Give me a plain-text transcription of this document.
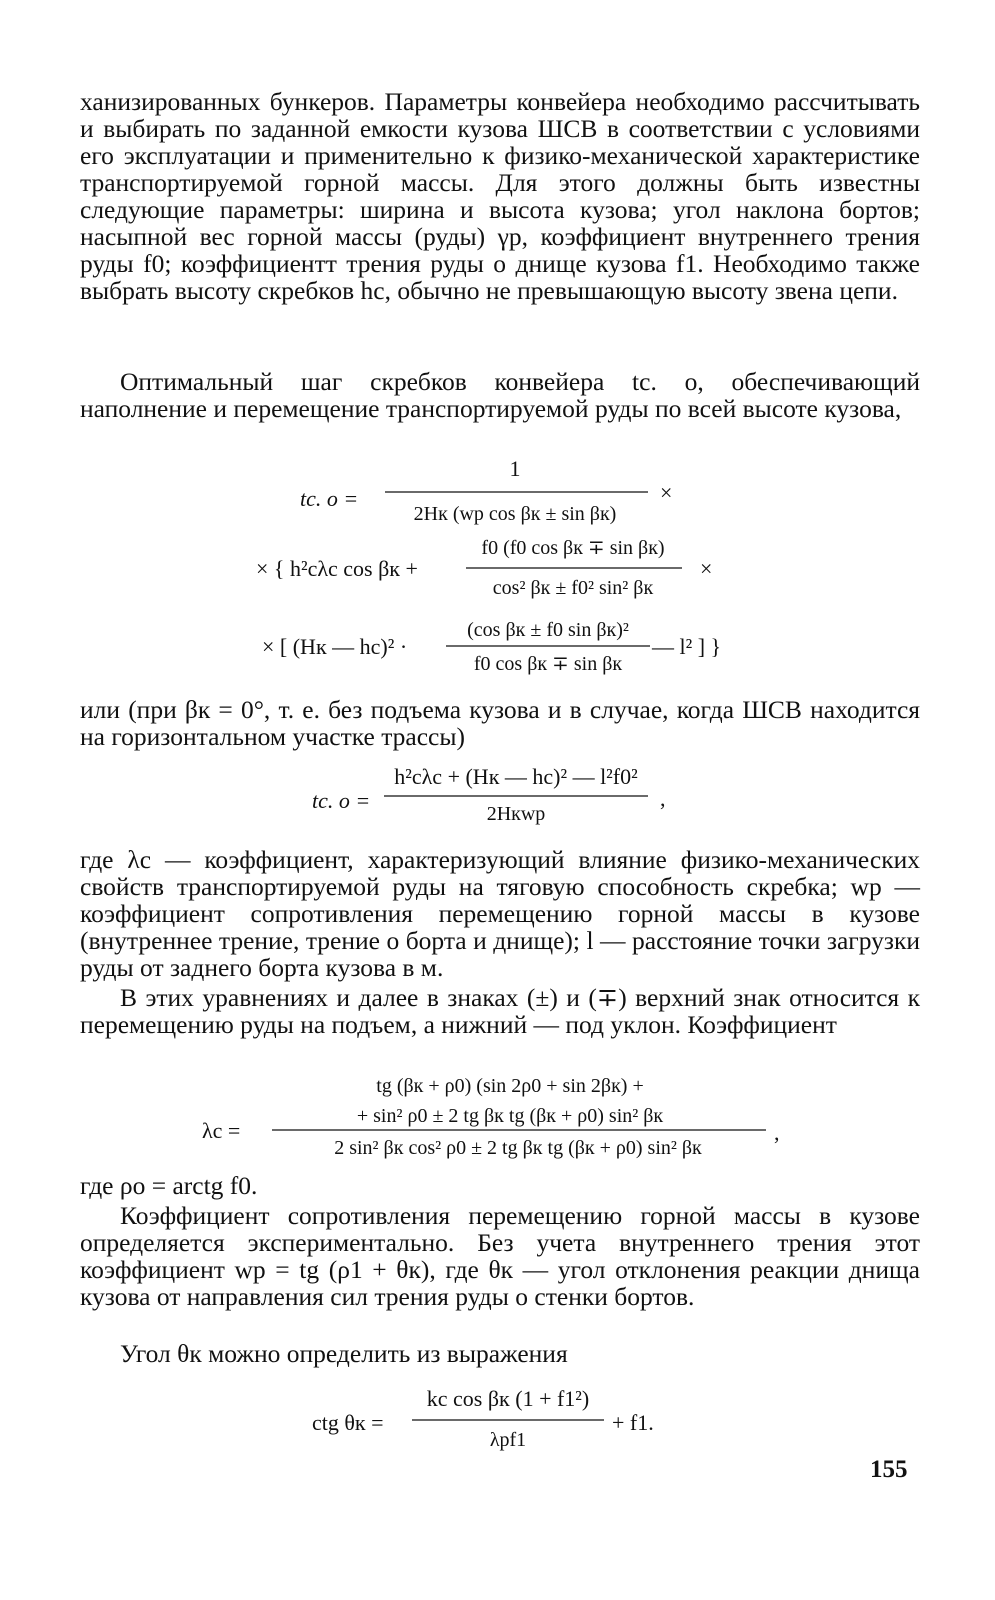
ханизированных бункеров. Параметры конвейера необходимо рассчитывать и выбирать по заданной емкости кузова ШСВ в соответствии с условиями его эксплуатации и применительно к физико-механической характеристике транспортируемой горной массы. Для этого должны быть известны следующие параметры: ширина и высота кузова; угол наклона бортов; насыпной вес горной массы (руды) γр, коэффициент внутреннего трения руды f0; коэффициентт трения руды о днище кузова f1. Необходимо также выбрать высоту скребков hс, обычно не превышающую высоту звена цепи.
Оптимальный шаг скребков конвейера tс. о, обеспечивающий наполнение и перемещение транспортируемой руды по всей высоте кузова,
tс. о =
1
2Hк (wр cos βк ± sin βк)
×
× { h²сλс cos βк +
f0 (f0 cos βк ∓ sin βк)
cos² βк ± f0² sin² βк
×
× [ (Hк — hс)² ·
(cos βк ± f0 sin βк)²
f0 cos βк ∓ sin βк
— l² ] }
или (при βк = 0°, т. е. без подъема кузова и в случае, когда ШСВ находится на горизонтальном участке трассы)
tс. о =
h²сλс + (Hк — hс)² — l²f0²
2Hкwр
,
где λс — коэффициент, характеризующий влияние физико-механических свойств транспортируемой руды на тяговую способность скребка; wр — коэффициент сопротивления перемещению горной массы в кузове (внутреннее трение, трение о борта и днище); l — расстояние точки загрузки руды от заднего борта кузова в м.
В этих уравнениях и далее в знаках (±) и (∓) верхний знак относится к перемещению руды на подъем, а нижний — под уклон. Коэффициент
tg (βк + ρ0) (sin 2ρ0 + sin 2βк) +
+ sin² ρ0 ± 2 tg βк tg (βк + ρ0) sin² βк
λс =
2 sin² βк cos² ρ0 ± 2 tg βк tg (βк + ρ0) sin² βк
,
где ρо = arctg f0.
Коэффициент сопротивления перемещению горной массы в кузове определяется экспериментально. Без учета внутреннего трения этот коэффициент wр = tg (ρ1 + θк), где θк — угол отклонения реакции днища кузова от направления сил трения руды о стенки бортов.
Угол θк можно определить из выражения
ctg θк =
kс cos βк (1 + f1²)
λрf1
+ f1.
155
